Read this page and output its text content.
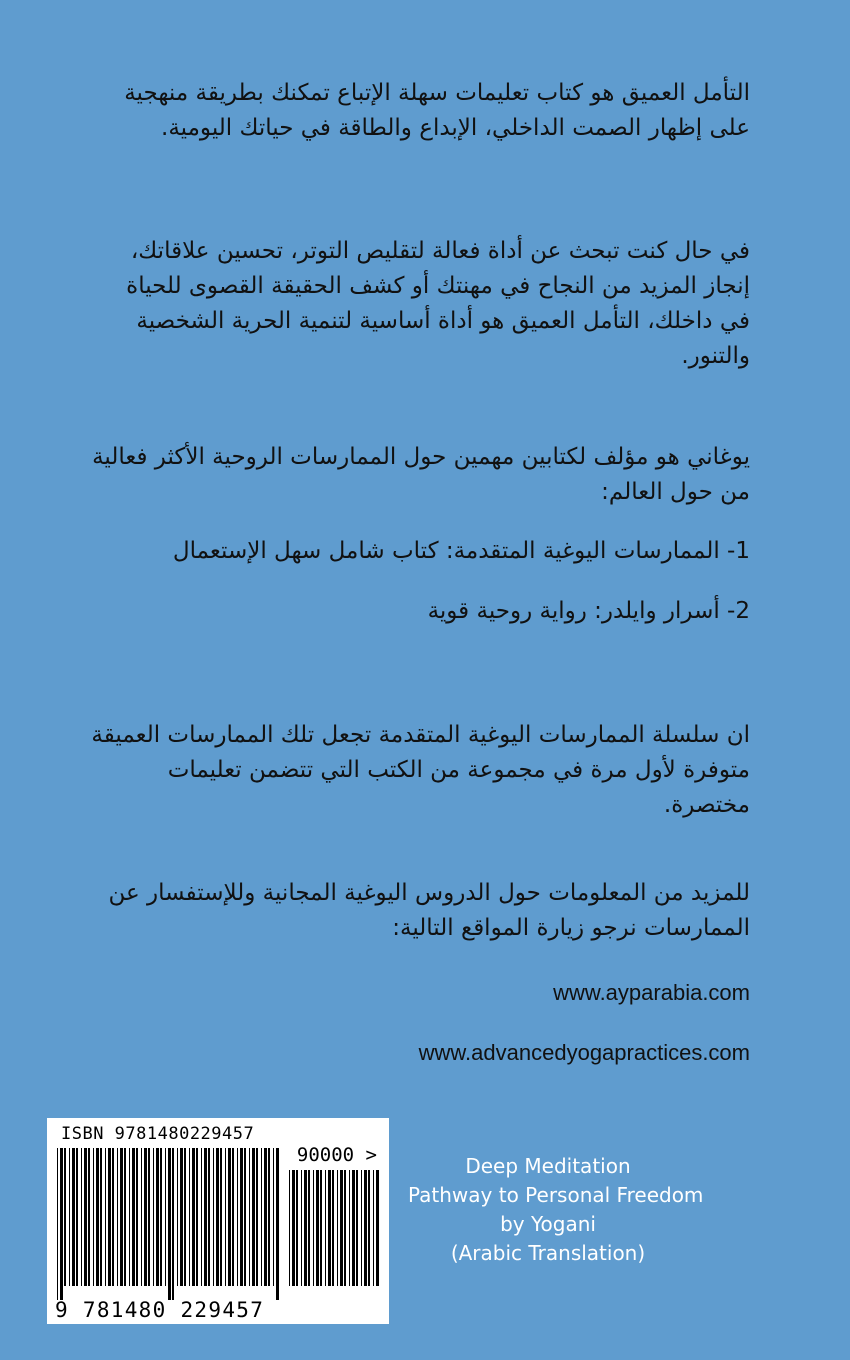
التأمل العميق هو كتاب تعليمات سهلة الإتباع تمكنك بطريقة منهجية على إظهار الصمت الداخلي، الإبداع والطاقة في حياتك اليومية.

في حال كنت تبحث عن أداة فعالة لتقليص التوتر، تحسين علاقاتك، إنجاز المزيد من النجاح في مهنتك أو كشف الحقيقة القصوى للحياة في داخلك، التأمل العميق هو أداة أساسية لتنمية الحرية الشخصية والتنور.

يوغاني هو مؤلف لكتابين مهمين حول الممارسات الروحية الأكثر فعالية من حول العالم:

1- الممارسات اليوغية المتقدمة: كتاب شامل سهل الإستعمال

2- أسرار وايلدر: رواية روحية قوية

ان سلسلة الممارسات اليوغية المتقدمة تجعل تلك الممارسات العميقة متوفرة لأول مرة في مجموعة من الكتب التي تتضمن تعليمات مختصرة.

للمزيد من المعلومات حول الدروس اليوغية المجانية وللإستفسار عن الممارسات نرجو زيارة المواقع التالية:

www.ayparabia.com
www.advancedyogapractices.com
ISBN 9781480229457
90000 >
9 781480 229457
Deep Meditation
Pathway to Personal Freedom
by Yogani
(Arabic Translation)
